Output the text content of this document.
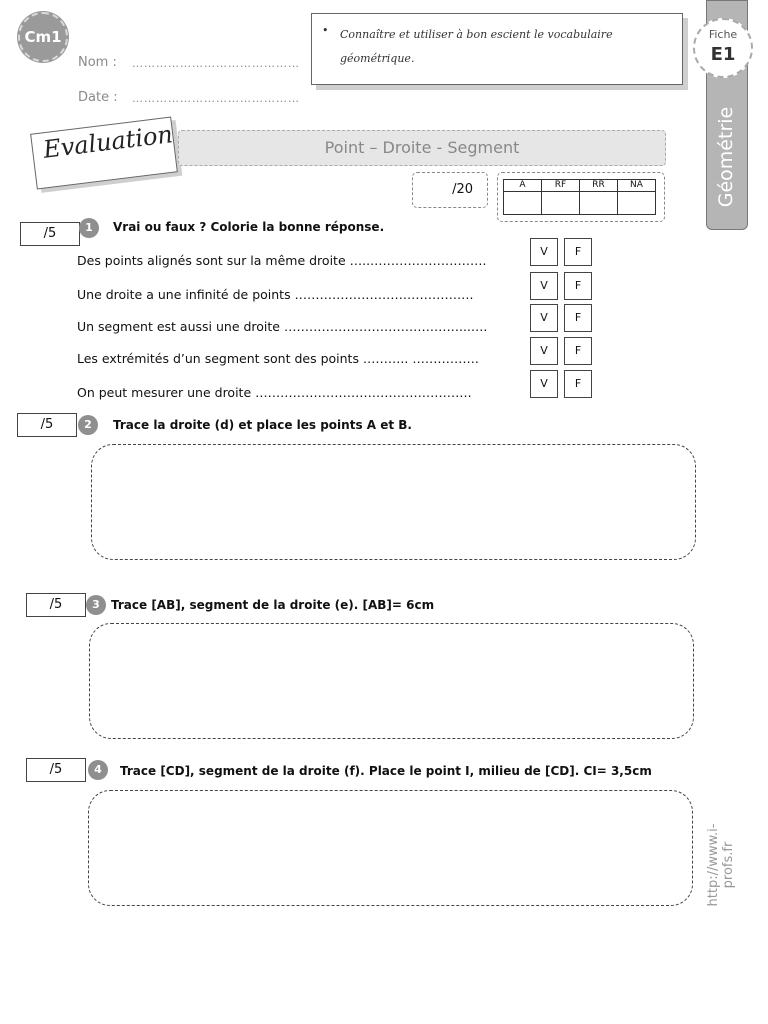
Cm1
Nom : ……………………………………
Date : ……………………………………
• Connaître et utiliser à bon escient le vocabulaire géométrique.
Géométrie
Fiche
E1
Evaluation	Point – Droite - Segment
/20	A	RF	RR	NA

/5	1	Vrai ou faux ? Colorie la bonne réponse.
Des points alignés sont sur la même droite …..……………………….
V	F
Une droite a une infinité de points …………………………………….
V	F
Un segment est aussi une droite ……………………………………...….
V	F
Les extrémités d’un segment sont des points ……….. …………….
V	F
On peut mesurer une droite …………………………………………….
V	F
/5	2	Trace la droite (d) et place les points A et B.
/5	3 Trace [AB], segment de la droite (e). [AB]= 6cm
/5	4	Trace [CD], segment de la droite (f). Place le point I, milieu de [CD]. CI= 3,5cm
http://www.i-profs.fr
